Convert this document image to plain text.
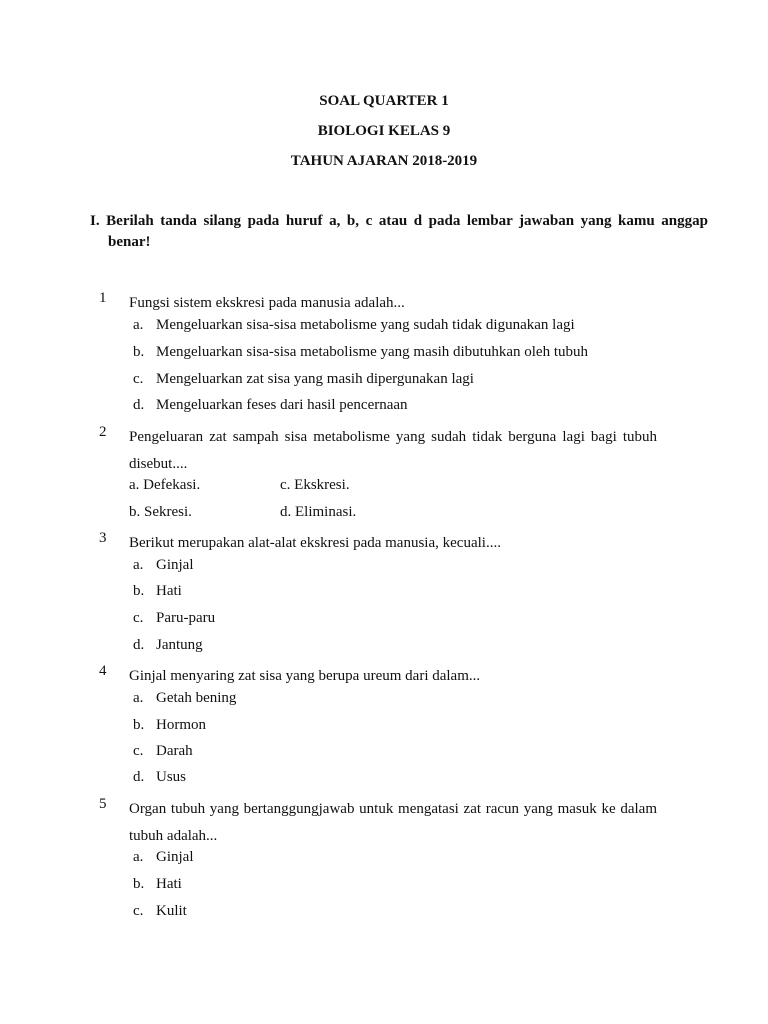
SOAL QUARTER 1
BIOLOGI KELAS 9
TAHUN AJARAN 2018-2019
I. Berilah tanda silang pada huruf a, b, c atau d pada lembar jawaban yang kamu anggap benar!
1	Fungsi sistem ekskresi pada manusia adalah...
a. Mengeluarkan sisa-sisa metabolisme yang sudah tidak digunakan lagi
b. Mengeluarkan sisa-sisa metabolisme yang masih dibutuhkan oleh tubuh
c. Mengeluarkan zat sisa yang masih dipergunakan lagi
d. Mengeluarkan feses dari hasil pencernaan
2	Pengeluaran zat sampah sisa metabolisme yang sudah tidak berguna lagi bagi tubuh disebut....
a. Defekasi.	c. Ekskresi.
b. Sekresi.	d. Eliminasi.
3	Berikut merupakan alat-alat ekskresi pada manusia, kecuali....
a. Ginjal
b. Hati
c. Paru-paru
d. Jantung
4	Ginjal menyaring zat sisa yang berupa ureum dari dalam...
a. Getah bening
b. Hormon
c. Darah
d. Usus
5	Organ tubuh yang bertanggungjawab untuk mengatasi zat racun yang masuk ke dalam tubuh adalah...
a. Ginjal
b. Hati
c. Kulit
